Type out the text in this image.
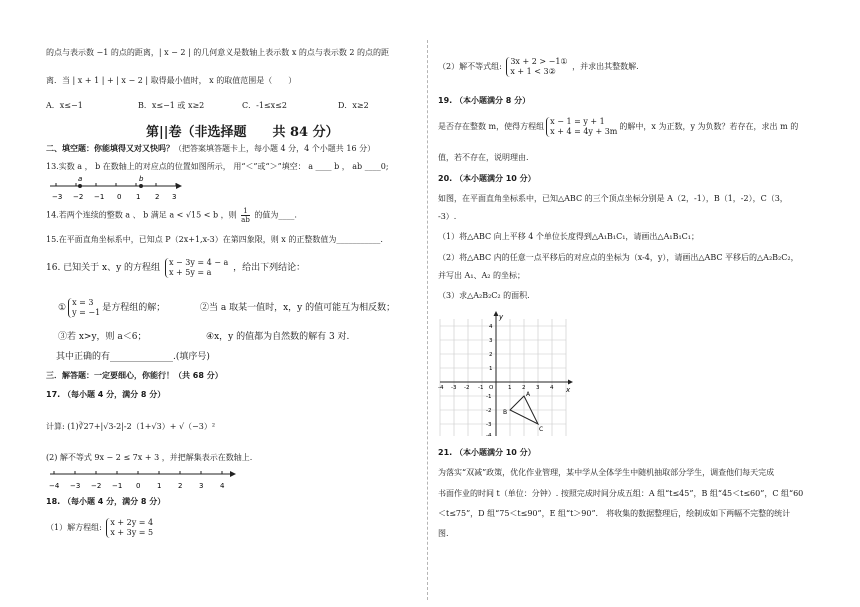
的点与表示数 −1 的点的距离，| x − 2 | 的几何意义是数轴上表示数 x 的点与表示数 2 的点的距
离．当 | x + 1 | + | x − 2 | 取得最小值时， x 的取值范围是（　　）
A．x≤−1	B．x≤−1 或 x≥2	C．-1≤x≤2	D．x≥2
第||卷（非选择题　　共 84 分）
二、填空题：你能填得又对又快吗？（把答案填答题卡上，每小题 4 分，4 个小题共 16 分）
13.实数 a ， b 在数轴上的对应点的位置如图所示， 用“＜”或“＞”填空： a ____ b ， ab ____0;
a	b
−3 −2 −1 0 1 2 3
14.若两个连续的整数 a 、 b 满足 a < √15 < b ，则 $\frac{1}{ab}$ 的值为____.
15.在平面直角坐标系中，已知点 P（2x+1,x-3）在第四象限，则 x 的正整数值为___________.
16. 已知关于 x、y 的方程组
x − 3y = 4 − a
x + 5y = a	，给出下列结论：
①
x = 3
y = −1 是方程组的解；	②当 a 取某一值时，x，y 的值可能互为相反数；
③若 x>y，则 a＜6；	④x，y 的值都为自然数的解有 3 对.
其中正确的有______________.(填序号)
三．解答题：一定要细心，你能行！（共 68 分）
17. （每小题 4 分，满分 8 分）
计算: (1)∛27+|√3-2|-2（1+√3）+ √（−3）²
(2) 解不等式 9x − 2 ≤ 7x + 3 ，并把解集表示在数轴上.
−4 −3 −2 −1 0 1 2 3 4
18. （每小题 4 分，满分 8 分）
（1）解方程组:
x + 2y = 4
x + 3y = 5
（2）解不等式组:
3x + 2 > −1①
x + 1 < 3②
，并求出其整数解.
19. （本小题满分 8 分）
是否存在整数 m，使得方程组
x − 1 = y + 1
x + 4 = 4y + 3m
的解中，x 为正数，y 为负数？若存在，求出 m 的
值，若不存在，说明理由.
20. （本小题满分 10 分）
如图，在平面直角坐标系中，已知△ABC 的三个顶点坐标分别是 A（2，-1），B（1，-2），C（3，
-3）.
（1）将△ABC 向上平移 4 个单位长度得到△A₁B₁C₁，请画出△A₁B₁C₁；
（2）将△ABC 内的任意一点平移后的对应点的坐标为（x-4，y），请画出△ABC 平移后的△A₂B₂C₂，
并写出 A₁、A₂ 的坐标；
（3）求△A₂B₂C₂ 的面积.
x
y
-4 -3 -2 -1 O	1 2 3 4
4
3
2
1
-1
-2
-3
-4
A
B
C
21. （本小题满分 10 分）
为落实“双减”政策，优化作业管理，某中学从全体学生中随机抽取部分学生，调查他们每天完成
书面作业的时间 t（单位：分钟）. 按照完成时间分成五组：A 组“t≤45”，B 组“45＜t≤60”，C 组“60
＜t≤75”，D 组“75＜t≤90”，E 组“t＞90”． 将收集的数据整理后，绘制成如下两幅不完整的统计
图.
